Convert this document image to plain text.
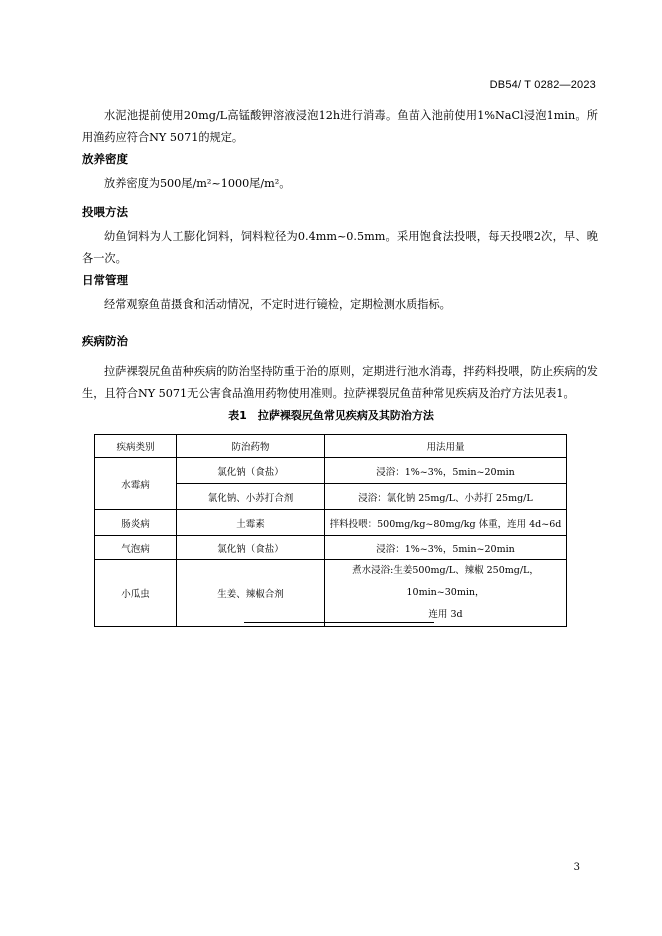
DB54/ T 0282—2023

水泥池提前使用20mg/L高锰酸钾溶液浸泡12h进行消毒。鱼苗入池前使用1%NaCl浸泡1min。所用渔药应符合NY 5071的规定。

放养密度

放养密度为500尾/m²~1000尾/m²。

投喂方法

幼鱼饲料为人工膨化饲料，饲料粒径为0.4mm~0.5mm。采用饱食法投喂，每天投喂2次，早、晚各一次。

日常管理

经常观察鱼苗摄食和活动情况，不定时进行镜检，定期检测水质指标。

疾病防治

拉萨裸裂尻鱼苗种疾病的防治坚持防重于治的原则，定期进行池水消毒，拌药料投喂，防止疾病的发生，且符合NY 5071无公害食品渔用药物使用准则。拉萨裸裂尻鱼苗种常见疾病及治疗方法见表1。

表1　拉萨裸裂尻鱼常见疾病及其防治方法
疾病类别	防治药物	用法用量
水霉病	氯化钠（食盐）	浸浴：1%~3%，5min~20min
	氯化钠、小苏打合剂	浸浴：氯化钠 25mg/L、小苏打 25mg/L
肠炎病	土霉素	拌料投喂：500mg/kg~80mg/kg 体重，连用 4d~6d
气泡病	氯化钠（食盐）	浸浴：1%~3%，5min~20min
小瓜虫	生姜、辣椒合剂	煮水浸浴:生姜500mg/L、辣椒 250mg/L，10min~30min，
连用 3d
3
